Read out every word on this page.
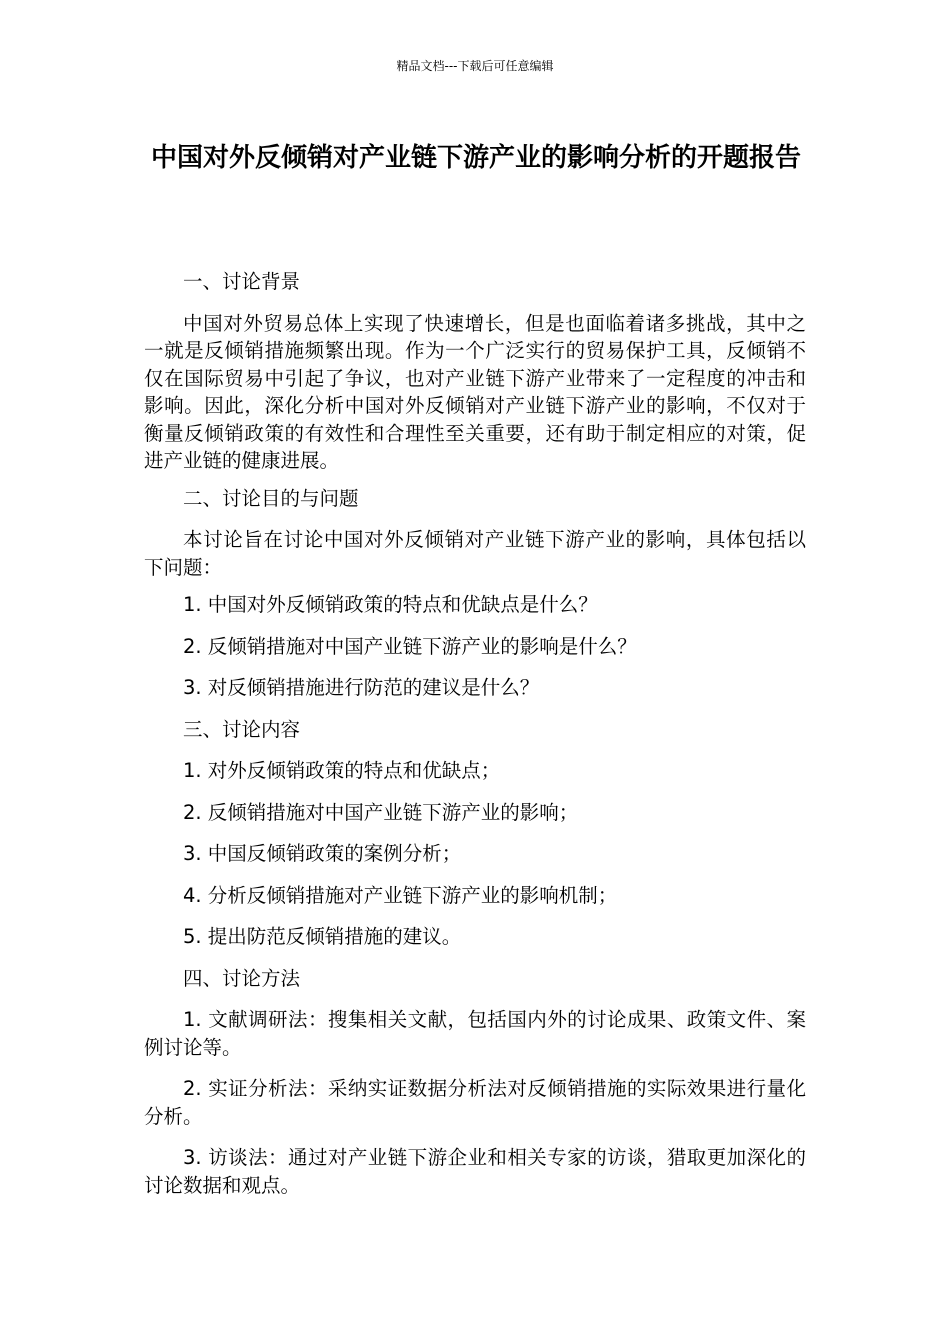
精品文档---下载后可任意编辑
中国对外反倾销对产业链下游产业的影响分析的开题报告

一、讨论背景

中国对外贸易总体上实现了快速增长，但是也面临着诸多挑战，其中之一就是反倾销措施频繁出现。作为一个广泛实行的贸易保护工具，反倾销不仅在国际贸易中引起了争议，也对产业链下游产业带来了一定程度的冲击和影响。因此，深化分析中国对外反倾销对产业链下游产业的影响，不仅对于衡量反倾销政策的有效性和合理性至关重要，还有助于制定相应的对策，促进产业链的健康进展。

二、讨论目的与问题

本讨论旨在讨论中国对外反倾销对产业链下游产业的影响，具体包括以下问题：

1. 中国对外反倾销政策的特点和优缺点是什么？

2. 反倾销措施对中国产业链下游产业的影响是什么？

3. 对反倾销措施进行防范的建议是什么？

三、讨论内容

1. 对外反倾销政策的特点和优缺点；

2. 反倾销措施对中国产业链下游产业的影响；

3. 中国反倾销政策的案例分析；

4. 分析反倾销措施对产业链下游产业的影响机制；

5. 提出防范反倾销措施的建议。

四、讨论方法

1. 文献调研法：搜集相关文献，包括国内外的讨论成果、政策文件、案例讨论等。

2. 实证分析法：采纳实证数据分析法对反倾销措施的实际效果进行量化分析。

3. 访谈法：通过对产业链下游企业和相关专家的访谈，猎取更加深化的讨论数据和观点。
